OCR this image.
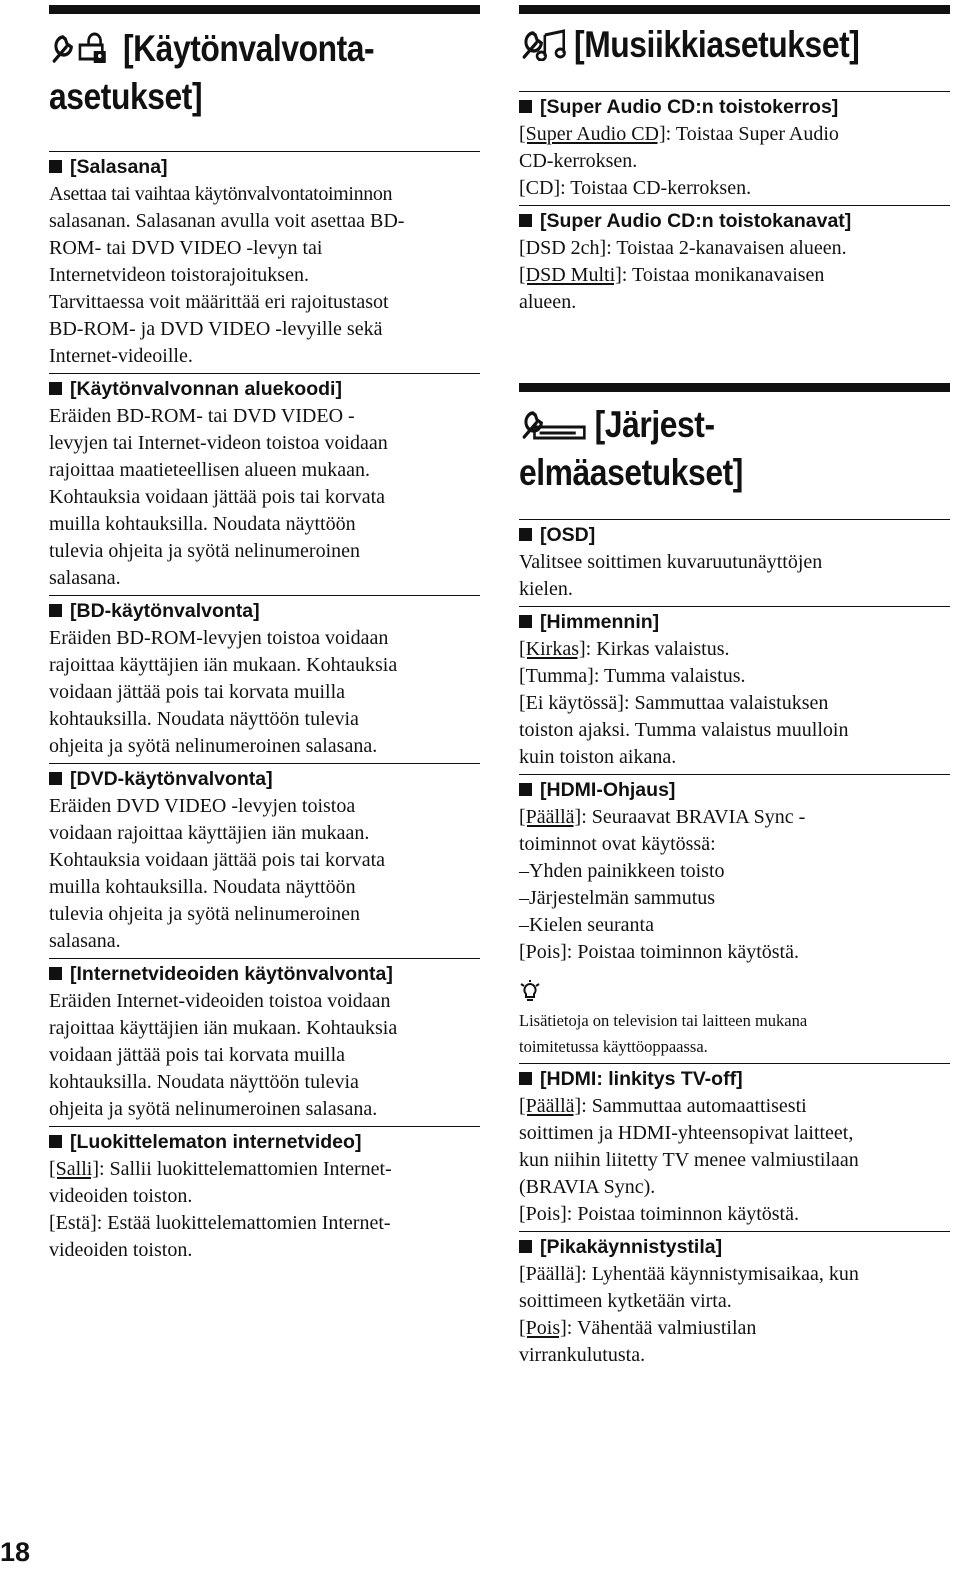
[Käytönvalvonta-
asetukset]
[Salasana]

Asettaa tai vaihtaa käytönvalvontatoiminnon

salasanan. Salasanan avulla voit asettaa BD-

ROM- tai DVD VIDEO -levyn tai

Internetvideon toistorajoituksen.

Tarvittaessa voit määrittää eri rajoitustasot

BD-ROM- ja DVD VIDEO -levyille sekä

Internet-videoille.

[Käytönvalvonnan aluekoodi]

Eräiden BD-ROM- tai DVD VIDEO -

levyjen tai Internet-videon toistoa voidaan

rajoittaa maatieteellisen alueen mukaan.

Kohtauksia voidaan jättää pois tai korvata

muilla kohtauksilla. Noudata näyttöön

tulevia ohjeita ja syötä nelinumeroinen

salasana.

[BD-käytönvalvonta]

Eräiden BD-ROM-levyjen toistoa voidaan

rajoittaa käyttäjien iän mukaan. Kohtauksia

voidaan jättää pois tai korvata muilla

kohtauksilla. Noudata näyttöön tulevia

ohjeita ja syötä nelinumeroinen salasana.

[DVD-käytönvalvonta]

Eräiden DVD VIDEO -levyjen toistoa

voidaan rajoittaa käyttäjien iän mukaan.

Kohtauksia voidaan jättää pois tai korvata

muilla kohtauksilla. Noudata näyttöön

tulevia ohjeita ja syötä nelinumeroinen

salasana.

[Internetvideoiden käytönvalvonta]

Eräiden Internet-videoiden toistoa voidaan

rajoittaa käyttäjien iän mukaan. Kohtauksia

voidaan jättää pois tai korvata muilla

kohtauksilla. Noudata näyttöön tulevia

ohjeita ja syötä nelinumeroinen salasana.

[Luokittelematon internetvideo]

[Salli]: Sallii luokittelemattomien Internet-

videoiden toiston.

[Estä]: Estää luokittelemattomien Internet-

videoiden toiston.

[Musiikkiasetukset]
[Super Audio CD:n toistokerros]

[Super Audio CD]: Toistaa Super Audio

CD-kerroksen.

[CD]: Toistaa CD-kerroksen.

[Super Audio CD:n toistokanavat]

[DSD 2ch]: Toistaa 2-kanavaisen alueen.

[DSD Multi]: Toistaa monikanavaisen

alueen.

[Järjest-
elmäasetukset]
[OSD]

Valitsee soittimen kuvaruutunäyttöjen

kielen.

[Himmennin]

[Kirkas]: Kirkas valaistus.

[Tumma]: Tumma valaistus.

[Ei käytössä]: Sammuttaa valaistuksen

toiston ajaksi. Tumma valaistus muulloin

kuin toiston aikana.

[HDMI-Ohjaus]

[Päällä]: Seuraavat BRAVIA Sync -

toiminnot ovat käytössä:

–Yhden painikkeen toisto

–Järjestelmän sammutus

–Kielen seuranta

[Pois]: Poistaa toiminnon käytöstä.

Lisätietoja on television tai laitteen mukana

toimitetussa käyttöoppaassa.

[HDMI: linkitys TV-off]

[Päällä]: Sammuttaa automaattisesti

soittimen ja HDMI-yhteensopivat laitteet,

kun niihin liitetty TV menee valmiustilaan

(BRAVIA Sync).

[Pois]: Poistaa toiminnon käytöstä.

[Pikakäynnistystila]

[Päällä]: Lyhentää käynnistymisaikaa, kun

soittimeen kytketään virta.

[Pois]: Vähentää valmiustilan

virrankulutusta.

18
